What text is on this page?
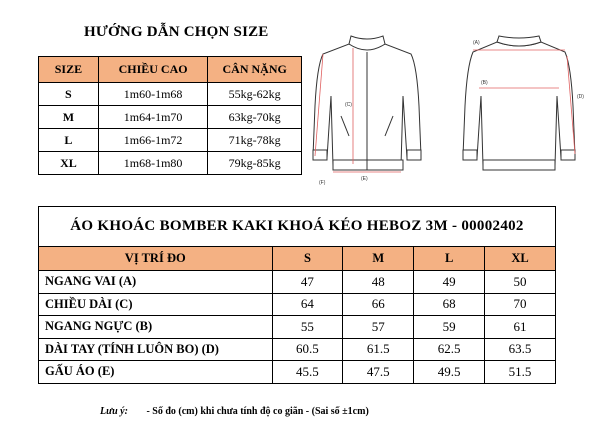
HƯỚNG DẪN CHỌN SIZE
SIZE	CHIỀU CAO	CÂN NẶNG
S	1m60-1m68	55kg-62kg
M	1m64-1m70	63kg-70kg
L	1m66-1m72	71kg-78kg
XL	1m68-1m80	79kg-85kg
(A)
(B)
(C)
(D)
(E)
(F)
ÁO KHOÁC BOMBER KAKI KHOÁ KÉO HEBOZ 3M - 00002402				
VỊ TRÍ ĐO	S	M	L	XL
NGANG VAI (A)	47	48	49	50
CHIỀU DÀI (C)	64	66	68	70
NGANG NGỰC (B)	55	57	59	61
DÀI TAY (TÍNH LUÔN BO) (D)	60.5	61.5	62.5	63.5
GẤU ÁO (E)	45.5	47.5	49.5	51.5
Lưu ý: - Số đo (cm) khi chưa tính độ co giãn - (Sai số ±1cm)
